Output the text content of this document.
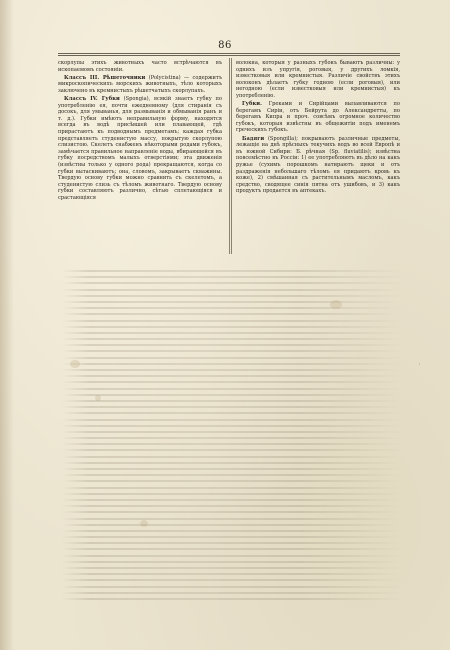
86

скорлупы этихъ животныхъ часто встрѣчаются въ ископаемомъ состояніи.

Классъ III. Рѣшеточники (Polycistina) — содержитъ микроскопическихъ морскихъ животныхъ, тѣло которыхъ заключено въ кремнистыхъ рѣшетчатыхъ скорлупахъ.

Классъ IV. Губки (Spongia), всякій знаетъ губку по употребленію ея, почти ежедневному (для стиранія съ досокъ, для умыванья, для размыванія и обмыванія ранъ и т. д.). Губки имѣютъ неправильную форму, находятся всегда въ водѣ присѣвшей или плавающей, гдѣ прирастаютъ къ подводнымъ предметамъ; каждая губка представляетъ студенистую массу, покрытую скорлупою слизистою. Скелетъ снабженъ нѣкоторыми родами губокъ, замѣчается правильное направленіе воды, вбирающейся въ губку посредствомъ малыхъ отверстіями; эта движенія (извѣстны только у одного рода) прекращаются, когда со губки вытаскиваютъ; она, словомъ, закрываетъ скважины. Твердую основу губки можно сравнить съ скелетомъ, а студенистую слизь съ тѣломъ животнаго. Твердую основу губки составляютъ различно, сѣтью сплетающіяся и срастающіяся

волокна, которыя у разныхъ губокъ бываютъ различны: у однихъ изъ упругія, роговыя, у другихъ ломкія, известковыя или кремнистыя. Различіе свойствъ этихъ волоконъ дѣлаетъ губку годною (если роговыя), или негодною (если известковыя или кремнистыя) къ употребленію.

Губки. Греками и Сирійцами вылавливаются по берегамъ Сиріи, отъ Бейрута до Александретты, по берегамъ Кипра и проч. совсѣмъ огромное количество губокъ, которыя извѣстны въ общежитіи подъ именемъ греческихъ губокъ.

Бадяги (Spongilla); покрываютъ различные предметы, лежащіе на днѣ прѣсныхъ текучихъ водъ во всей Европѣ и въ южной Сибири: Б. рѣчная (Sp. fluviatilis); извѣстна повсемѣстно въ Россіи: 1) ее употребляютъ въ дѣло на какъ ружье (сухимъ порошкомъ натираютъ щеки и отъ раздраженія небольшаго тѣломъ ея придаютъ кровь къ коже), 2) смѣшанная съ растительнымъ масломъ, какъ средство, сводящее синія пятна отъ ушибовъ, и 3) какъ продуктъ продается въ аптекахъ.

·
